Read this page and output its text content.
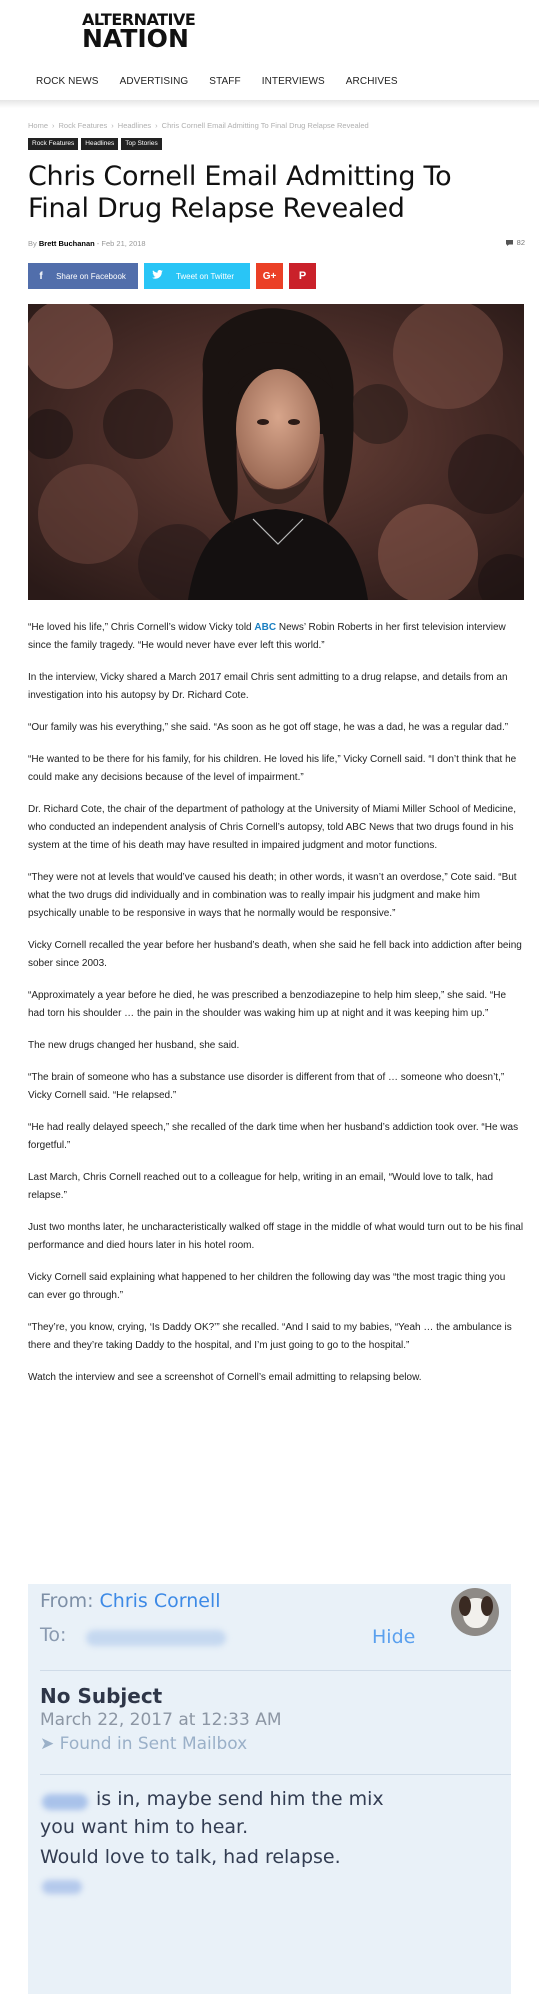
ALTERNATIVE
NATION
ROCK NEWS ADVERTISING STAFF INTERVIEWS ARCHIVES
Home › Rock Features › Headlines › Chris Cornell Email Admitting To Final Drug Relapse Revealed
Rock Features	Headlines	Top Stories
Chris Cornell Email Admitting To Final Drug Relapse Revealed
By Brett Buchanan - Feb 21, 2018	82
f	Share on Facebook	Tweet on Twitter	G+ P

“He loved his life,” Chris Cornell’s widow Vicky told ABC News’ Robin Roberts in her first television interview since the family tragedy. “He would never have ever left this world.”

In the interview, Vicky shared a March 2017 email Chris sent admitting to a drug relapse, and details from an investigation into his autopsy by Dr. Richard Cote.

“Our family was his everything,” she said. “As soon as he got off stage, he was a dad, he was a regular dad.”

“He wanted to be there for his family, for his children. He loved his life,” Vicky Cornell said. “I don’t think that he could make any decisions because of the level of impairment.”

Dr. Richard Cote, the chair of the department of pathology at the University of Miami Miller School of Medicine, who conducted an independent analysis of Chris Cornell’s autopsy, told ABC News that two drugs found in his system at the time of his death may have resulted in impaired judgment and motor functions.

“They were not at levels that would’ve caused his death; in other words, it wasn’t an overdose,” Cote said. “But what the two drugs did individually and in combination was to really impair his judgment and make him psychically unable to be responsive in ways that he normally would be responsive.”

Vicky Cornell recalled the year before her husband’s death, when she said he fell back into addiction after being sober since 2003.

“Approximately a year before he died, he was prescribed a benzodiazepine to help him sleep,” she said. “He had torn his shoulder … the pain in the shoulder was waking him up at night and it was keeping him up.”

The new drugs changed her husband, she said.

“The brain of someone who has a substance use disorder is different from that of … someone who doesn’t,” Vicky Cornell said. “He relapsed.”

“He had really delayed speech,” she recalled of the dark time when her husband’s addiction took over. “He was forgetful.”

Last March, Chris Cornell reached out to a colleague for help, writing in an email, “Would love to talk, had relapse.”

Just two months later, he uncharacteristically walked off stage in the middle of what would turn out to be his final performance and died hours later in his hotel room.

Vicky Cornell said explaining what happened to her children the following day was “the most tragic thing you can ever go through.”

“They’re, you know, crying, ‘Is Daddy OK?’” she recalled. “And I said to my babies, “Yeah … the ambulance is there and they’re taking Daddy to the hospital, and I’m just going to go to the hospital.”

Watch the interview and see a screenshot of Cornell’s email admitting to relapsing below.

From: Chris Cornell
To:	Hide
No Subject
March 22, 2017 at 12:33 AM
➤ Found in Sent Mailbox
is in, maybe send him the mix
you want him to hear.
Would love to talk, had relapse.
